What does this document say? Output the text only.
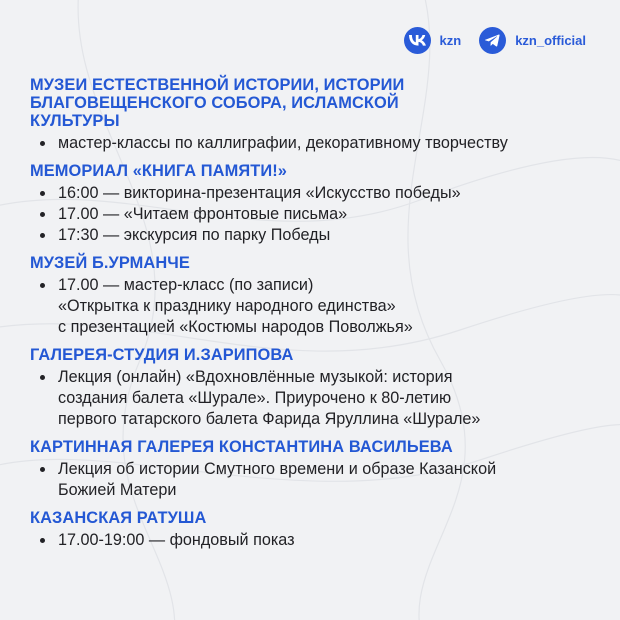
kzn	kzn_official
МУЗЕИ ЕСТЕСТВЕННОЙ ИСТОРИИ, ИСТОРИИ
БЛАГОВЕЩЕНСКОГО СОБОРА, ИСЛАМСКОЙ
КУЛЬТУРЫ
мастер-классы по каллиграфии, декоративному творчеству
МЕМОРИАЛ «КНИГА ПАМЯТИ!»
16:00 — викторина-презентация «Искусство победы»
17.00 — «Читаем фронтовые письма»
17:30 — экскурсия по парку Победы
МУЗЕЙ Б.УРМАНЧЕ
17.00 — мастер-класс (по записи)
«Открытка к празднику народного единства»
с презентацией «Костюмы народов Поволжья»
ГАЛЕРЕЯ-СТУДИЯ И.ЗАРИПОВА
Лекция (онлайн) «Вдохновлённые музыкой: история
создания балета «Шурале». Приурочено к 80-летию
первого татарского балета Фарида Яруллина «Шурале»
КАРТИННАЯ ГАЛЕРЕЯ КОНСТАНТИНА ВАСИЛЬЕВА
Лекция об истории Смутного времени и образе Казанской
Божией Матери
КАЗАНСКАЯ РАТУША
17.00-19:00 — фондовый показ
